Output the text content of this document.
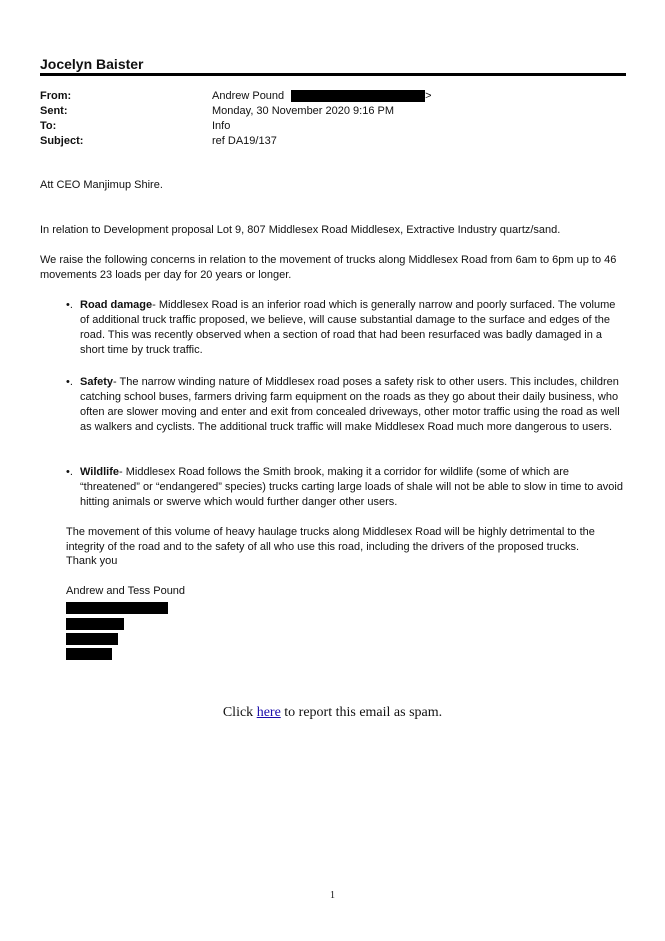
Jocelyn Baister
From:	Andrew Pound	>
Sent:	Monday, 30 November 2020 9:16 PM
To:	Info
Subject:	ref DA19/137
Att CEO Manjimup Shire.
In relation to Development proposal Lot 9, 807 Middlesex Road Middlesex, Extractive Industry quartz/sand.
We raise the following concerns in relation to the movement of trucks along Middlesex Road from 6am to 6pm up to 46 movements 23 loads per day for 20 years or longer.
•. Road damage- Middlesex Road is an inferior road which is generally narrow and poorly surfaced. The volume of additional truck traffic proposed, we believe, will cause substantial damage to the surface and edges of the road. This was recently observed when a section of road that had been resurfaced was badly damaged in a short time by truck traffic.
•. Safety- The narrow winding nature of Middlesex road poses a safety risk to other users. This includes, children catching school buses, farmers driving farm equipment on the roads as they go about their daily business, who often are slower moving and enter and exit from concealed driveways, other motor traffic using the road as well as walkers and cyclists. The additional truck traffic will make Middlesex Road much more dangerous to users.
•. Wildlife- Middlesex Road follows the Smith brook, making it a corridor for wildlife (some of which are “threatened” or “endangered” species) trucks carting large loads of shale will not be able to slow in time to avoid hitting animals or swerve which would further danger other users.
The movement of this volume of heavy haulage trucks along Middlesex Road will be highly detrimental to the integrity of the road and to the safety of all who use this road, including the drivers of the proposed trucks.
Thank you
Andrew and Tess Pound
Click here to report this email as spam.
1
